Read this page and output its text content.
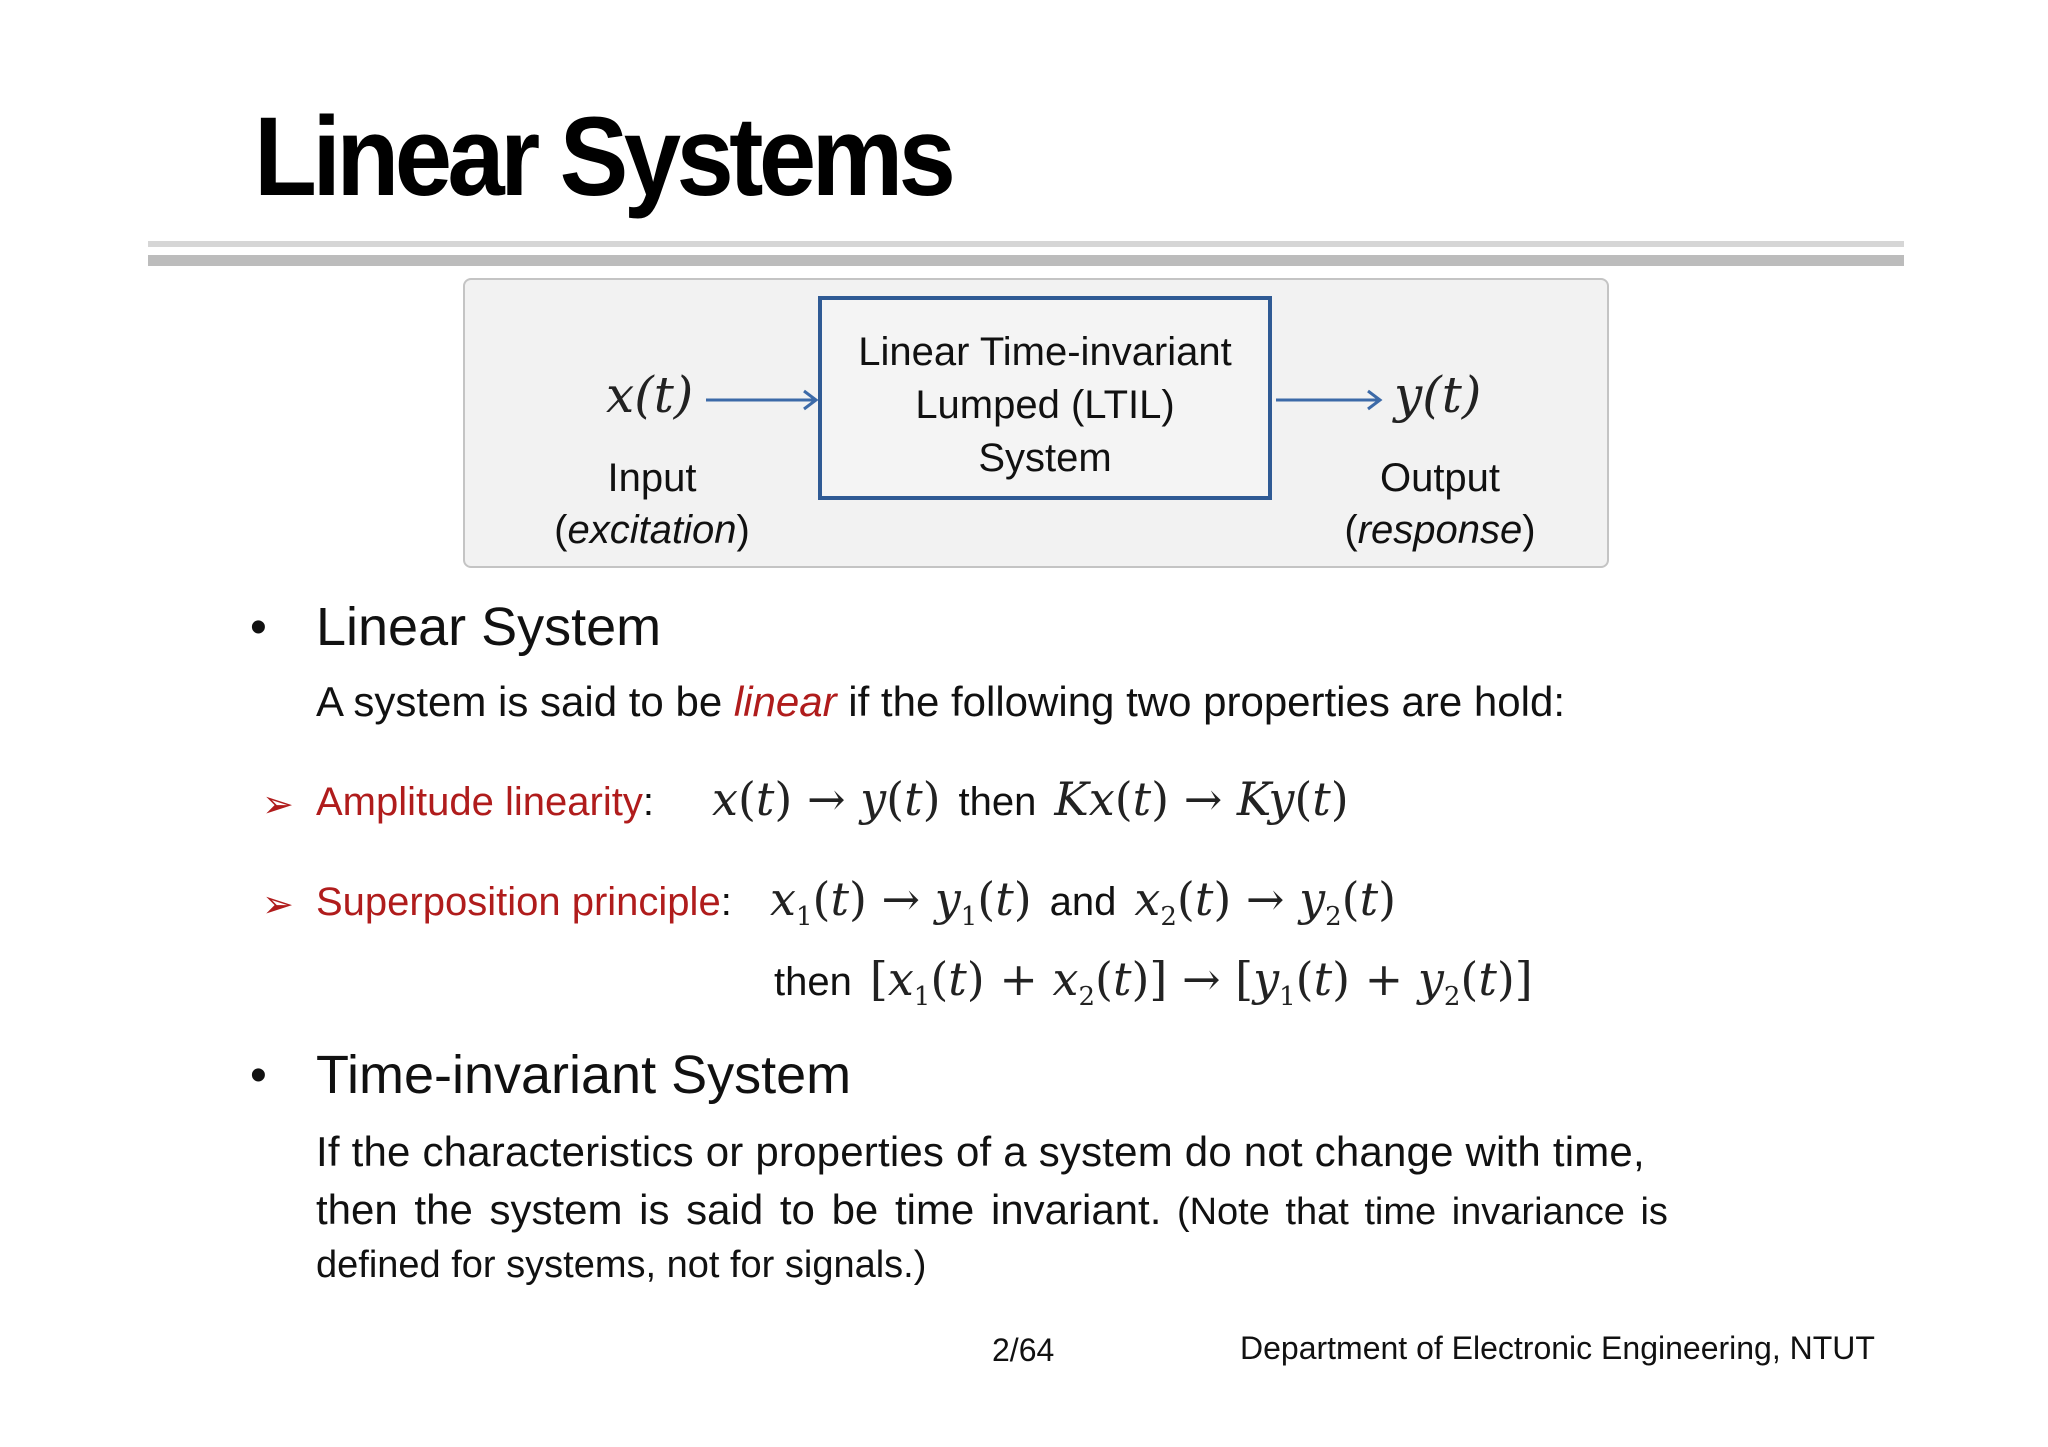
Linear Systems
x(t)
Linear Time-invariant
Lumped (LTIL)
System
y(t)
Input
(excitation)
Output
(response)
• Linear System
A system is said to be linear if the following two properties are hold:
➢ Amplitude linearity: x(t) → y(t) then Kx(t) → Ky(t)
➢ Superposition principle: $x_1(t) \to y_1(t)$ and $x_2(t) \to y_2(t)$
then $[x_1(t) + x_2(t)] \to [y_1(t) + y_2(t)]$
• Time-invariant System
If the characteristics or properties of a system do not change with time,
then the system is said to be time invariant. (Note that time invariance is
defined for systems, not for signals.)
2/64	Department of Electronic Engineering, NTUT
